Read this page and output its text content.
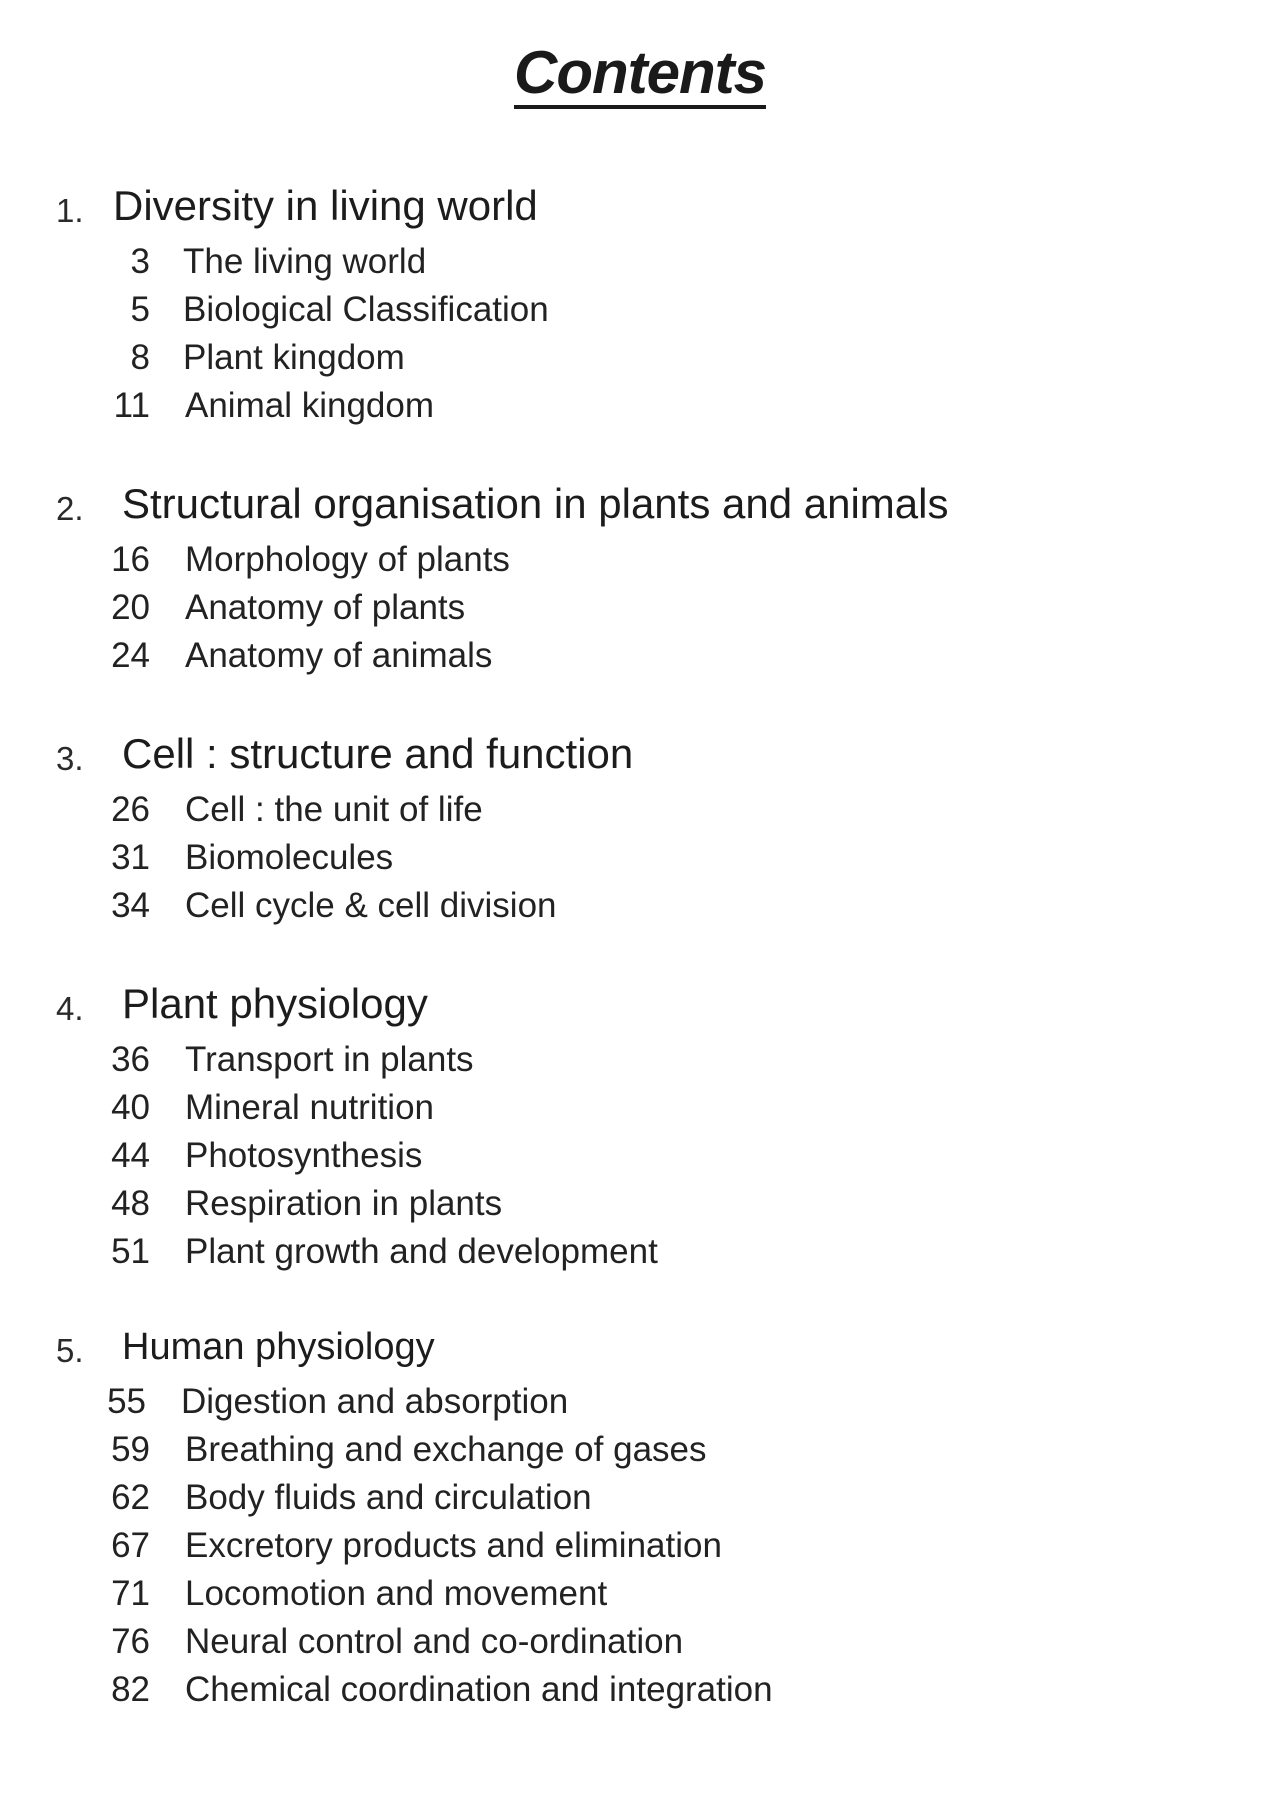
Contents
1. Diversity in living world
3 The living world
5 Biological Classification
8 Plant kingdom
11 Animal kingdom
2. Structural organisation in plants and animals
16 Morphology of plants
20 Anatomy of plants
24 Anatomy of animals
3. Cell : structure and function
26 Cell : the unit of life
31 Biomolecules
34 Cell cycle & cell division
4. Plant physiology
36 Transport in plants
40 Mineral nutrition
44 Photosynthesis
48 Respiration in plants
51 Plant growth and development
5. Human physiology
55 Digestion and absorption
59 Breathing and exchange of gases
62 Body fluids and circulation
67 Excretory products and elimination
71 Locomotion and movement
76 Neural control and co-ordination
82 Chemical coordination and integration
